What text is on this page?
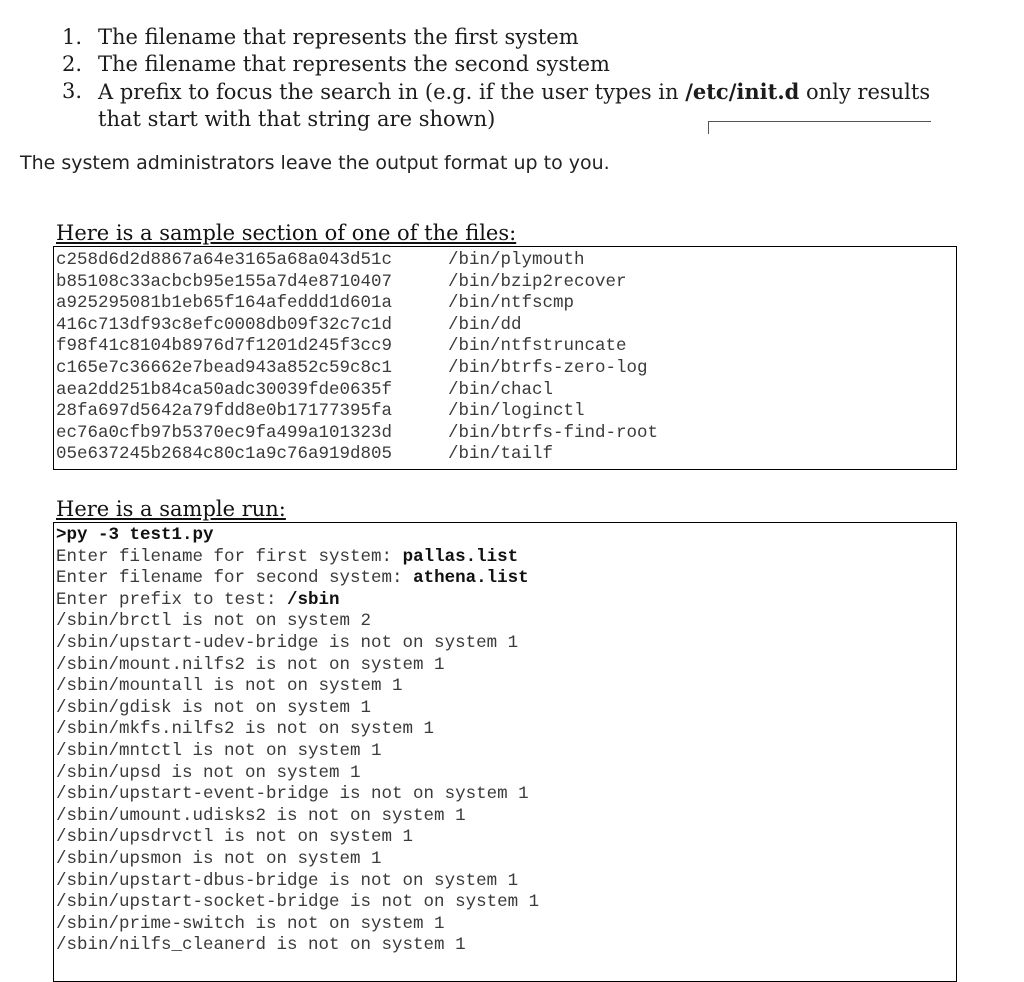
1. The filename that represents the first system
2. The filename that represents the second system
3. A prefix to focus the search in (e.g. if the user types in /etc/init.d only results that start with that string are shown)
The system administrators leave the output format up to you.
Here is a sample section of one of the files:
c258d6d2d8867a64e3165a68a043d51c	/bin/plymouth
b85108c33acbcb95e155a7d4e8710407	/bin/bzip2recover
a925295081b1eb65f164afeddd1d601a	/bin/ntfscmp
416c713df93c8efc0008db09f32c7c1d	/bin/dd
f98f41c8104b8976d7f1201d245f3cc9	/bin/ntfstruncate
c165e7c36662e7bead943a852c59c8c1	/bin/btrfs-zero-log
aea2dd251b84ca50adc30039fde0635f	/bin/chacl
28fa697d5642a79fdd8e0b17177395fa	/bin/loginctl
ec76a0cfb97b5370ec9fa499a101323d	/bin/btrfs-find-root
05e637245b2684c80c1a9c76a919d805	/bin/tailf
Here is a sample run:
>py -3 test1.py
Enter filename for first system: pallas.list
Enter filename for second system: athena.list
Enter prefix to test: /sbin
/sbin/brctl is not on system 2
/sbin/upstart-udev-bridge is not on system 1
/sbin/mount.nilfs2 is not on system 1
/sbin/mountall is not on system 1
/sbin/gdisk is not on system 1
/sbin/mkfs.nilfs2 is not on system 1
/sbin/mntctl is not on system 1
/sbin/upsd is not on system 1
/sbin/upstart-event-bridge is not on system 1
/sbin/umount.udisks2 is not on system 1
/sbin/upsdrvctl is not on system 1
/sbin/upsmon is not on system 1
/sbin/upstart-dbus-bridge is not on system 1
/sbin/upstart-socket-bridge is not on system 1
/sbin/prime-switch is not on system 1
/sbin/nilfs_cleanerd is not on system 1
